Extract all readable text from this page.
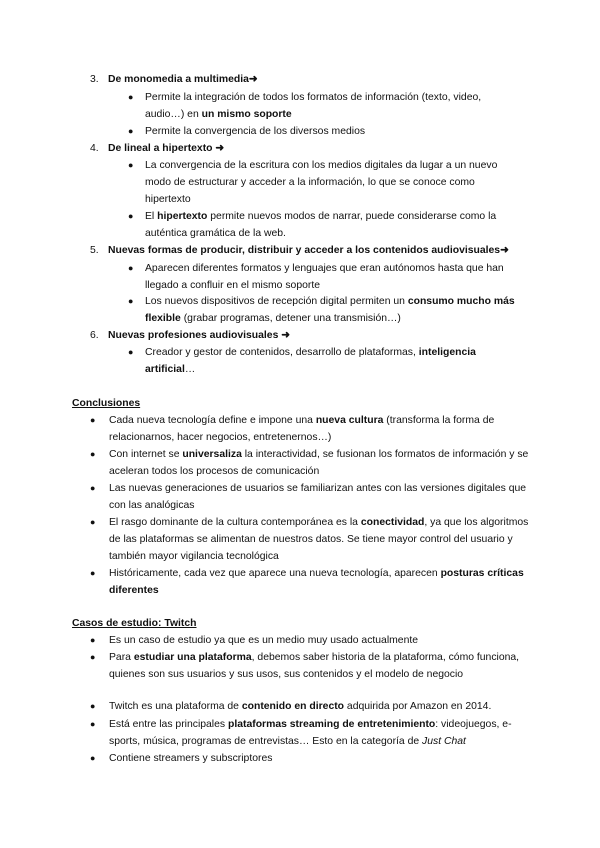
3. De monomedia a multimedia➜
● Permite la integración de todos los formatos de información (texto, video, audio…) en un mismo soporte
● Permite la convergencia de los diversos medios
4. De lineal a hipertexto ➜
● La convergencia de la escritura con los medios digitales da lugar a un nuevo modo de estructurar y acceder a la información, lo que se conoce como hipertexto
● El hipertexto permite nuevos modos de narrar, puede considerarse como la auténtica gramática de la web.
5. Nuevas formas de producir, distribuir y acceder a los contenidos audiovisuales➜
● Aparecen diferentes formatos y lenguajes que eran autónomos hasta que han llegado a confluir en el mismo soporte
● Los nuevos dispositivos de recepción digital permiten un consumo mucho más flexible (grabar programas, detener una transmisión…)
6. Nuevas profesiones audiovisuales ➜
● Creador y gestor de contenidos, desarrollo de plataformas, inteligencia artificial…
Conclusiones
● Cada nueva tecnología define e impone una nueva cultura (transforma la forma de relacionarnos, hacer negocios, entretenernos…)
● Con internet se universaliza la interactividad, se fusionan los formatos de información y se aceleran todos los procesos de comunicación
● Las nuevas generaciones de usuarios se familiarizan antes con las versiones digitales que con las analógicas
● El rasgo dominante de la cultura contemporánea es la conectividad, ya que los algoritmos de las plataformas se alimentan de nuestros datos. Se tiene mayor control del usuario y también mayor vigilancia tecnológica
● Históricamente, cada vez que aparece una nueva tecnología, aparecen posturas críticas diferentes
Casos de estudio: Twitch
● Es un caso de estudio ya que es un medio muy usado actualmente
● Para estudiar una plataforma, debemos saber historia de la plataforma, cómo funciona, quienes son sus usuarios y sus usos, sus contenidos y el modelo de negocio
● Twitch es una plataforma de contenido en directo adquirida por Amazon en 2014.
● Está entre las principales plataformas streaming de entretenimiento: videojuegos, e-sports, música, programas de entrevistas… Esto en la categoría de Just Chat
● Contiene streamers y subscriptores
